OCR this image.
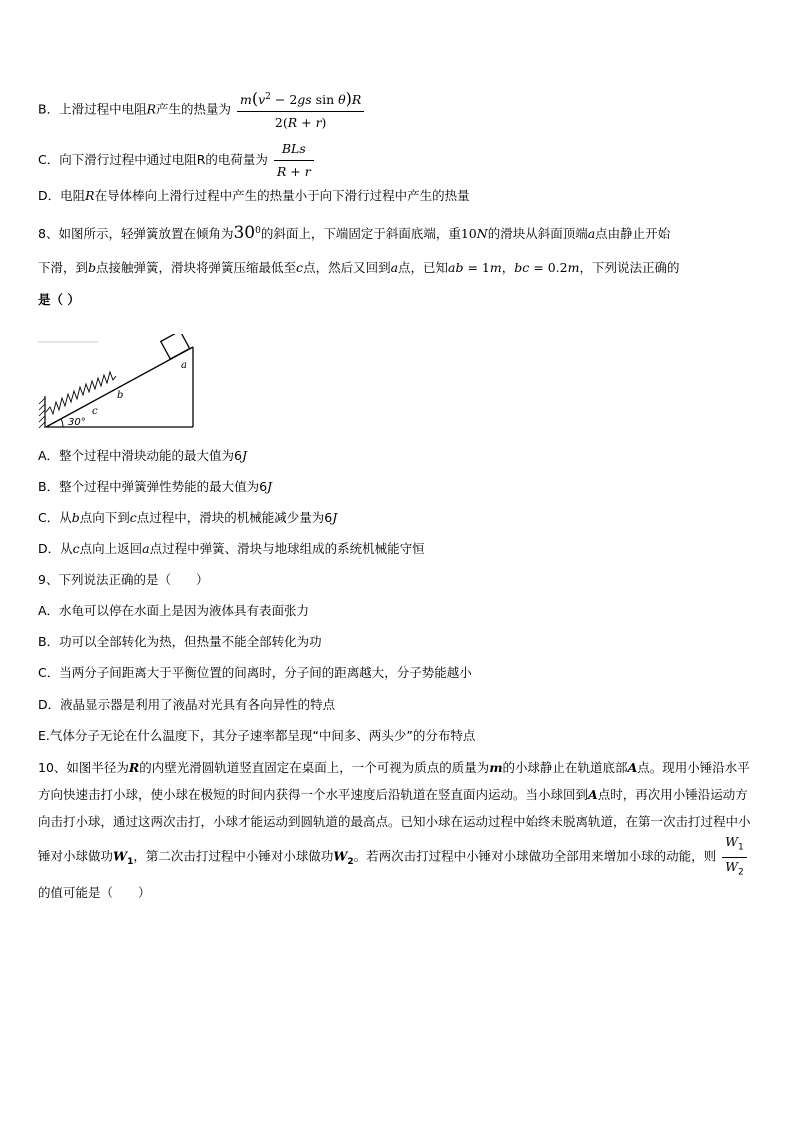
B．上滑过程中电阻R产生的热量为 $\frac{m(v^2 - 2gs \sin \theta)R}{2(R + r)}$
C．向下滑行过程中通过电阻R的电荷量为 $\frac{\text{BLs}}{R + r}$
D．电阻R在导体棒向上滑行过程中产生的热量小于向下滑行过程中产生的热量
8、如图所示，轻弹簧放置在倾角为$30^0$的斜面上，下端固定于斜面底端，重10N的滑块从斜面顶端a点由静止开始
下滑，到b点接触弹簧，滑块将弹簧压缩最低至c点，然后又回到a点，已知ab = 1m，bc = 0.2m，下列说法正确的
是（ ）
30°
c
b
a
A．整个过程中滑块动能的最大值为6J
B．整个过程中弹簧弹性势能的最大值为6J
C．从b点向下到c点过程中，滑块的机械能减少量为6J
D．从c点向上返回a点过程中弹簧、滑块与地球组成的系统机械能守恒
9、下列说法正确的是（　　）
A．水龟可以停在水面上是因为液体具有表面张力
B．功可以全部转化为热，但热量不能全部转化为功
C．当两分子间距离大于平衡位置的间离时，分子间的距离越大，分子势能越小
D．液晶显示器是利用了液晶对光具有各向异性的特点
E.气体分子无论在什么温度下，其分子速率都呈现“中间多、两头少”的分布特点
10、如图半径为R的内壁光滑圆轨道竖直固定在桌面上，一个可视为质点的质量为m的小球静止在轨道底部A点。现用小锤沿水平方向快速击打小球，使小球在极短的时间内获得一个水平速度后沿轨道在竖直面内运动。当小球回到A点时，再次用小锤沿运动方向击打小球，通过这两次击打，小球才能运动到圆轨道的最高点。已知小球在运动过程中始终未脱离轨道，在第一次击打过程中小锤对小球做功$W_1$，第二次击打过程中小锤对小球做功$W_2$。若两次击打过程中小锤对小球做功全部用来增加小球的动能，则 $\frac{W_1}{W_2}$
的值可能是（　　）
